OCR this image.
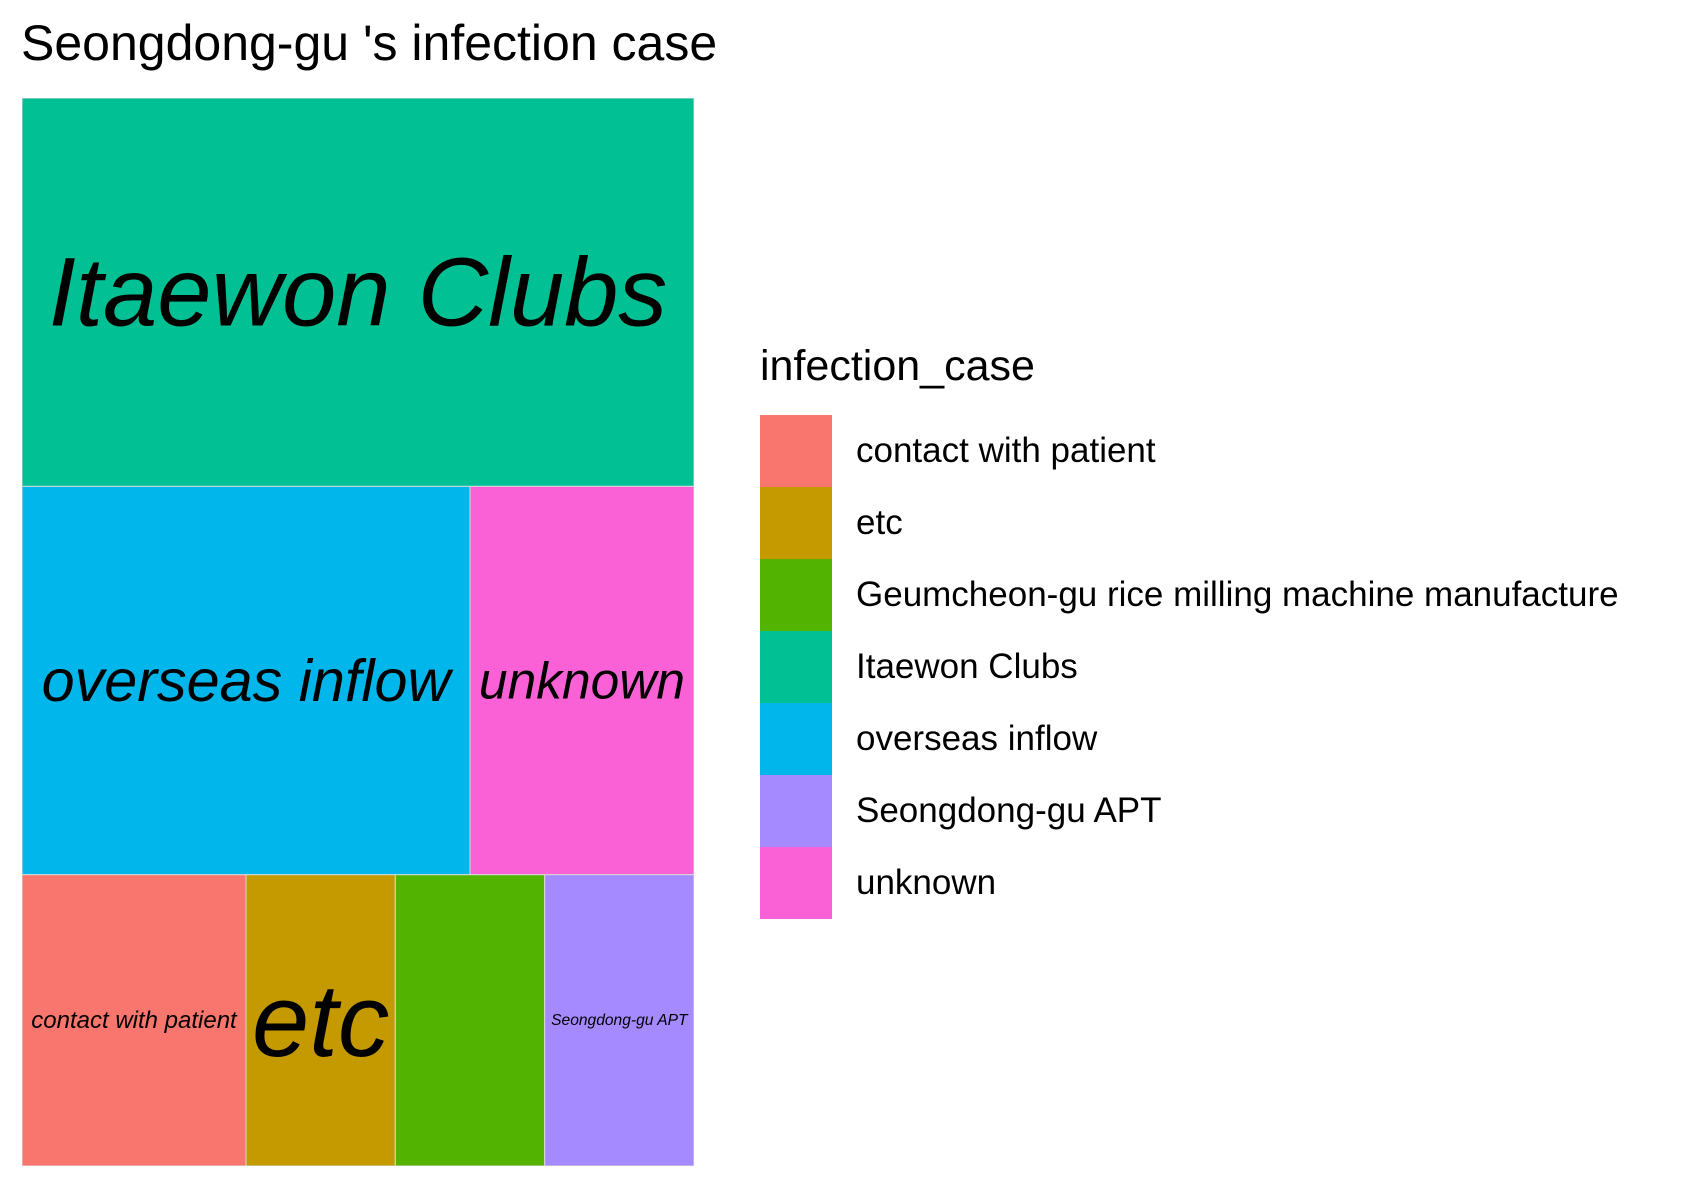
Seongdong-gu 's infection case
Itaewon Clubs
overseas inflow unknown
contact with patient etc	Seongdong-gu APT
infection_case
contact with patient
etc
Geumcheon-gu rice milling machine manufacture
Itaewon Clubs
overseas inflow
Seongdong-gu APT
unknown
